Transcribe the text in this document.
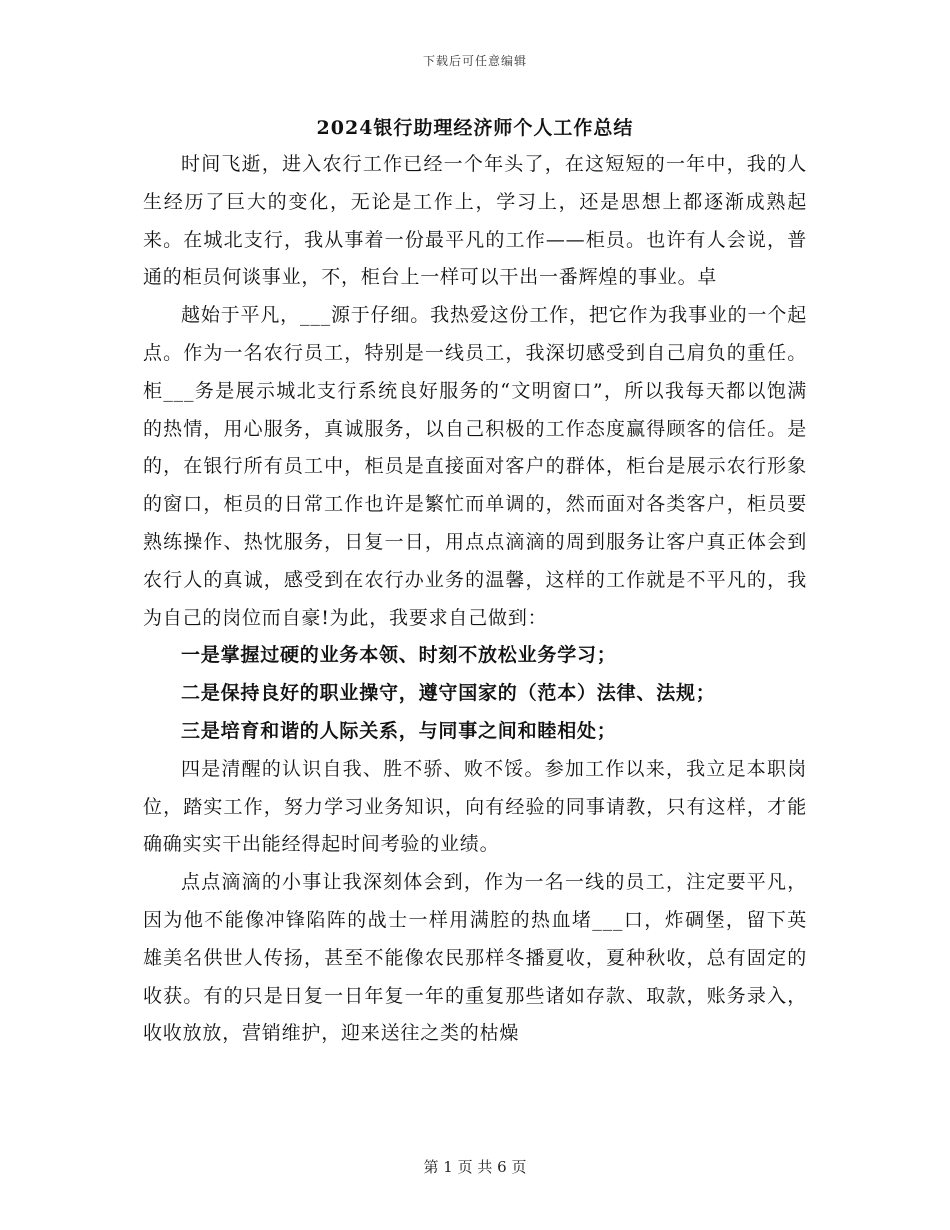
下载后可任意编辑
2024银行助理经济师个人工作总结

时间飞逝，进入农行工作已经一个年头了，在这短短的一年中，我的人生经历了巨大的变化，无论是工作上，学习上，还是思想上都逐渐成熟起来。在城北支行，我从事着一份最平凡的工作——柜员。也许有人会说，普通的柜员何谈事业，不，柜台上一样可以干出一番辉煌的事业。卓

越始于平凡，___源于仔细。我热爱这份工作，把它作为我事业的一个起点。作为一名农行员工，特别是一线员工，我深切感受到自己肩负的重任。柜___务是展示城北支行系统良好服务的“文明窗口”，所以我每天都以饱满的热情，用心服务，真诚服务，以自己积极的工作态度赢得顾客的信任。是的，在银行所有员工中，柜员是直接面对客户的群体，柜台是展示农行形象的窗口，柜员的日常工作也许是繁忙而单调的，然而面对各类客户，柜员要熟练操作、热忱服务，日复一日，用点点滴滴的周到服务让客户真正体会到农行人的真诚，感受到在农行办业务的温馨，这样的工作就是不平凡的，我为自己的岗位而自豪!为此，我要求自己做到：

一是掌握过硬的业务本领、时刻不放松业务学习；

二是保持良好的职业操守，遵守国家的（范本）法律、法规；

三是培育和谐的人际关系，与同事之间和睦相处；

四是清醒的认识自我、胜不骄、败不馁。参加工作以来，我立足本职岗位，踏实工作，努力学习业务知识，向有经验的同事请教，只有这样，才能确确实实干出能经得起时间考验的业绩。

点点滴滴的小事让我深刻体会到，作为一名一线的员工，注定要平凡，因为他不能像冲锋陷阵的战士一样用满腔的热血堵___口，炸碉堡，留下英雄美名供世人传扬，甚至不能像农民那样冬播夏收，夏种秋收，总有固定的收获。有的只是日复一日年复一年的重复那些诸如存款、取款，账务录入，收收放放，营销维护，迎来送往之类的枯燥

第 1 页 共 6 页
